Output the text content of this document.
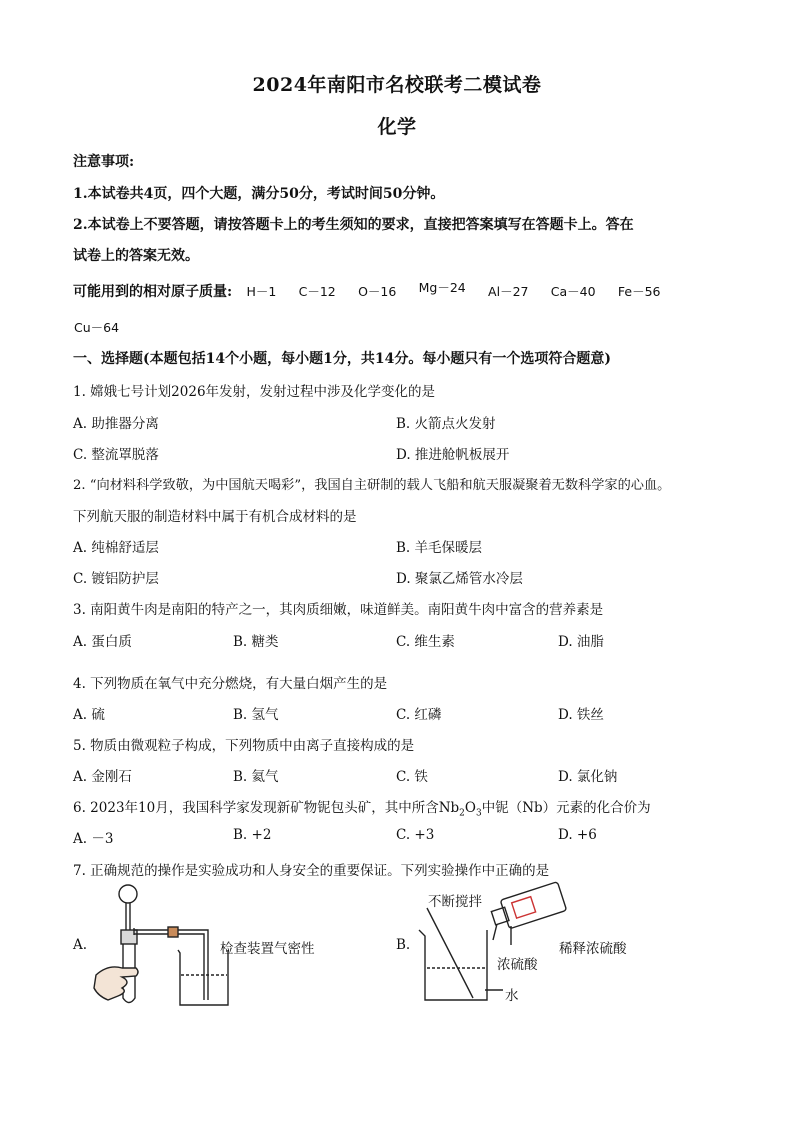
2024年南阳市名校联考二模试卷
化学
注意事项:
1.本试卷共4页，四个大题，满分50分，考试时间50分钟。
2.本试卷上不要答题，请按答题卡上的考生须知的要求，直接把答案填写在答题卡上。答在
试卷上的答案无效。
可能用到的相对原子质量: H－1 C－12 O－16 Mg－24 Al－27 Ca－40 Fe－56
Cu－64
一、选择题(本题包括14个小题，每小题1分，共14分。每小题只有一个选项符合题意)
1. 嫦娥七号计划2026年发射，发射过程中涉及化学变化的是
A. 助推器分离	B. 火箭点火发射
C. 整流罩脱落	D. 推进舱帆板展开
2. “向材料科学致敬，为中国航天喝彩”，我国自主研制的载人飞船和航天服凝聚着无数科学家的心血。
下列航天服的制造材料中属于有机合成材料的是
A. 纯棉舒适层	B. 羊毛保暖层
C. 镀铝防护层	D. 聚氯乙烯管水冷层
3. 南阳黄牛肉是南阳的特产之一，其肉质细嫩，味道鲜美。南阳黄牛肉中富含的营养素是
A. 蛋白质	B. 糖类	C. 维生素	D. 油脂
4. 下列物质在氧气中充分燃烧，有大量白烟产生的是
A. 硫	B. 氢气	C. 红磷	D. 铁丝
5. 物质由微观粒子构成，下列物质中由离子直接构成的是
A. 金刚石	B. 氦气	C. 铁	D. 氯化钠
6. 2023年10月，我国科学家发现新矿物铌包头矿，其中所含$Nb_2O_3$中铌（Nb）元素的化合价为
A. －3	B. +2	C. +3	D. +6
7. 正确规范的操作是实验成功和人身安全的重要保证。下列实验操作中正确的是
A.	B.
检查装置气密性
不断搅拌
浓硫酸
水
稀释浓硫酸
